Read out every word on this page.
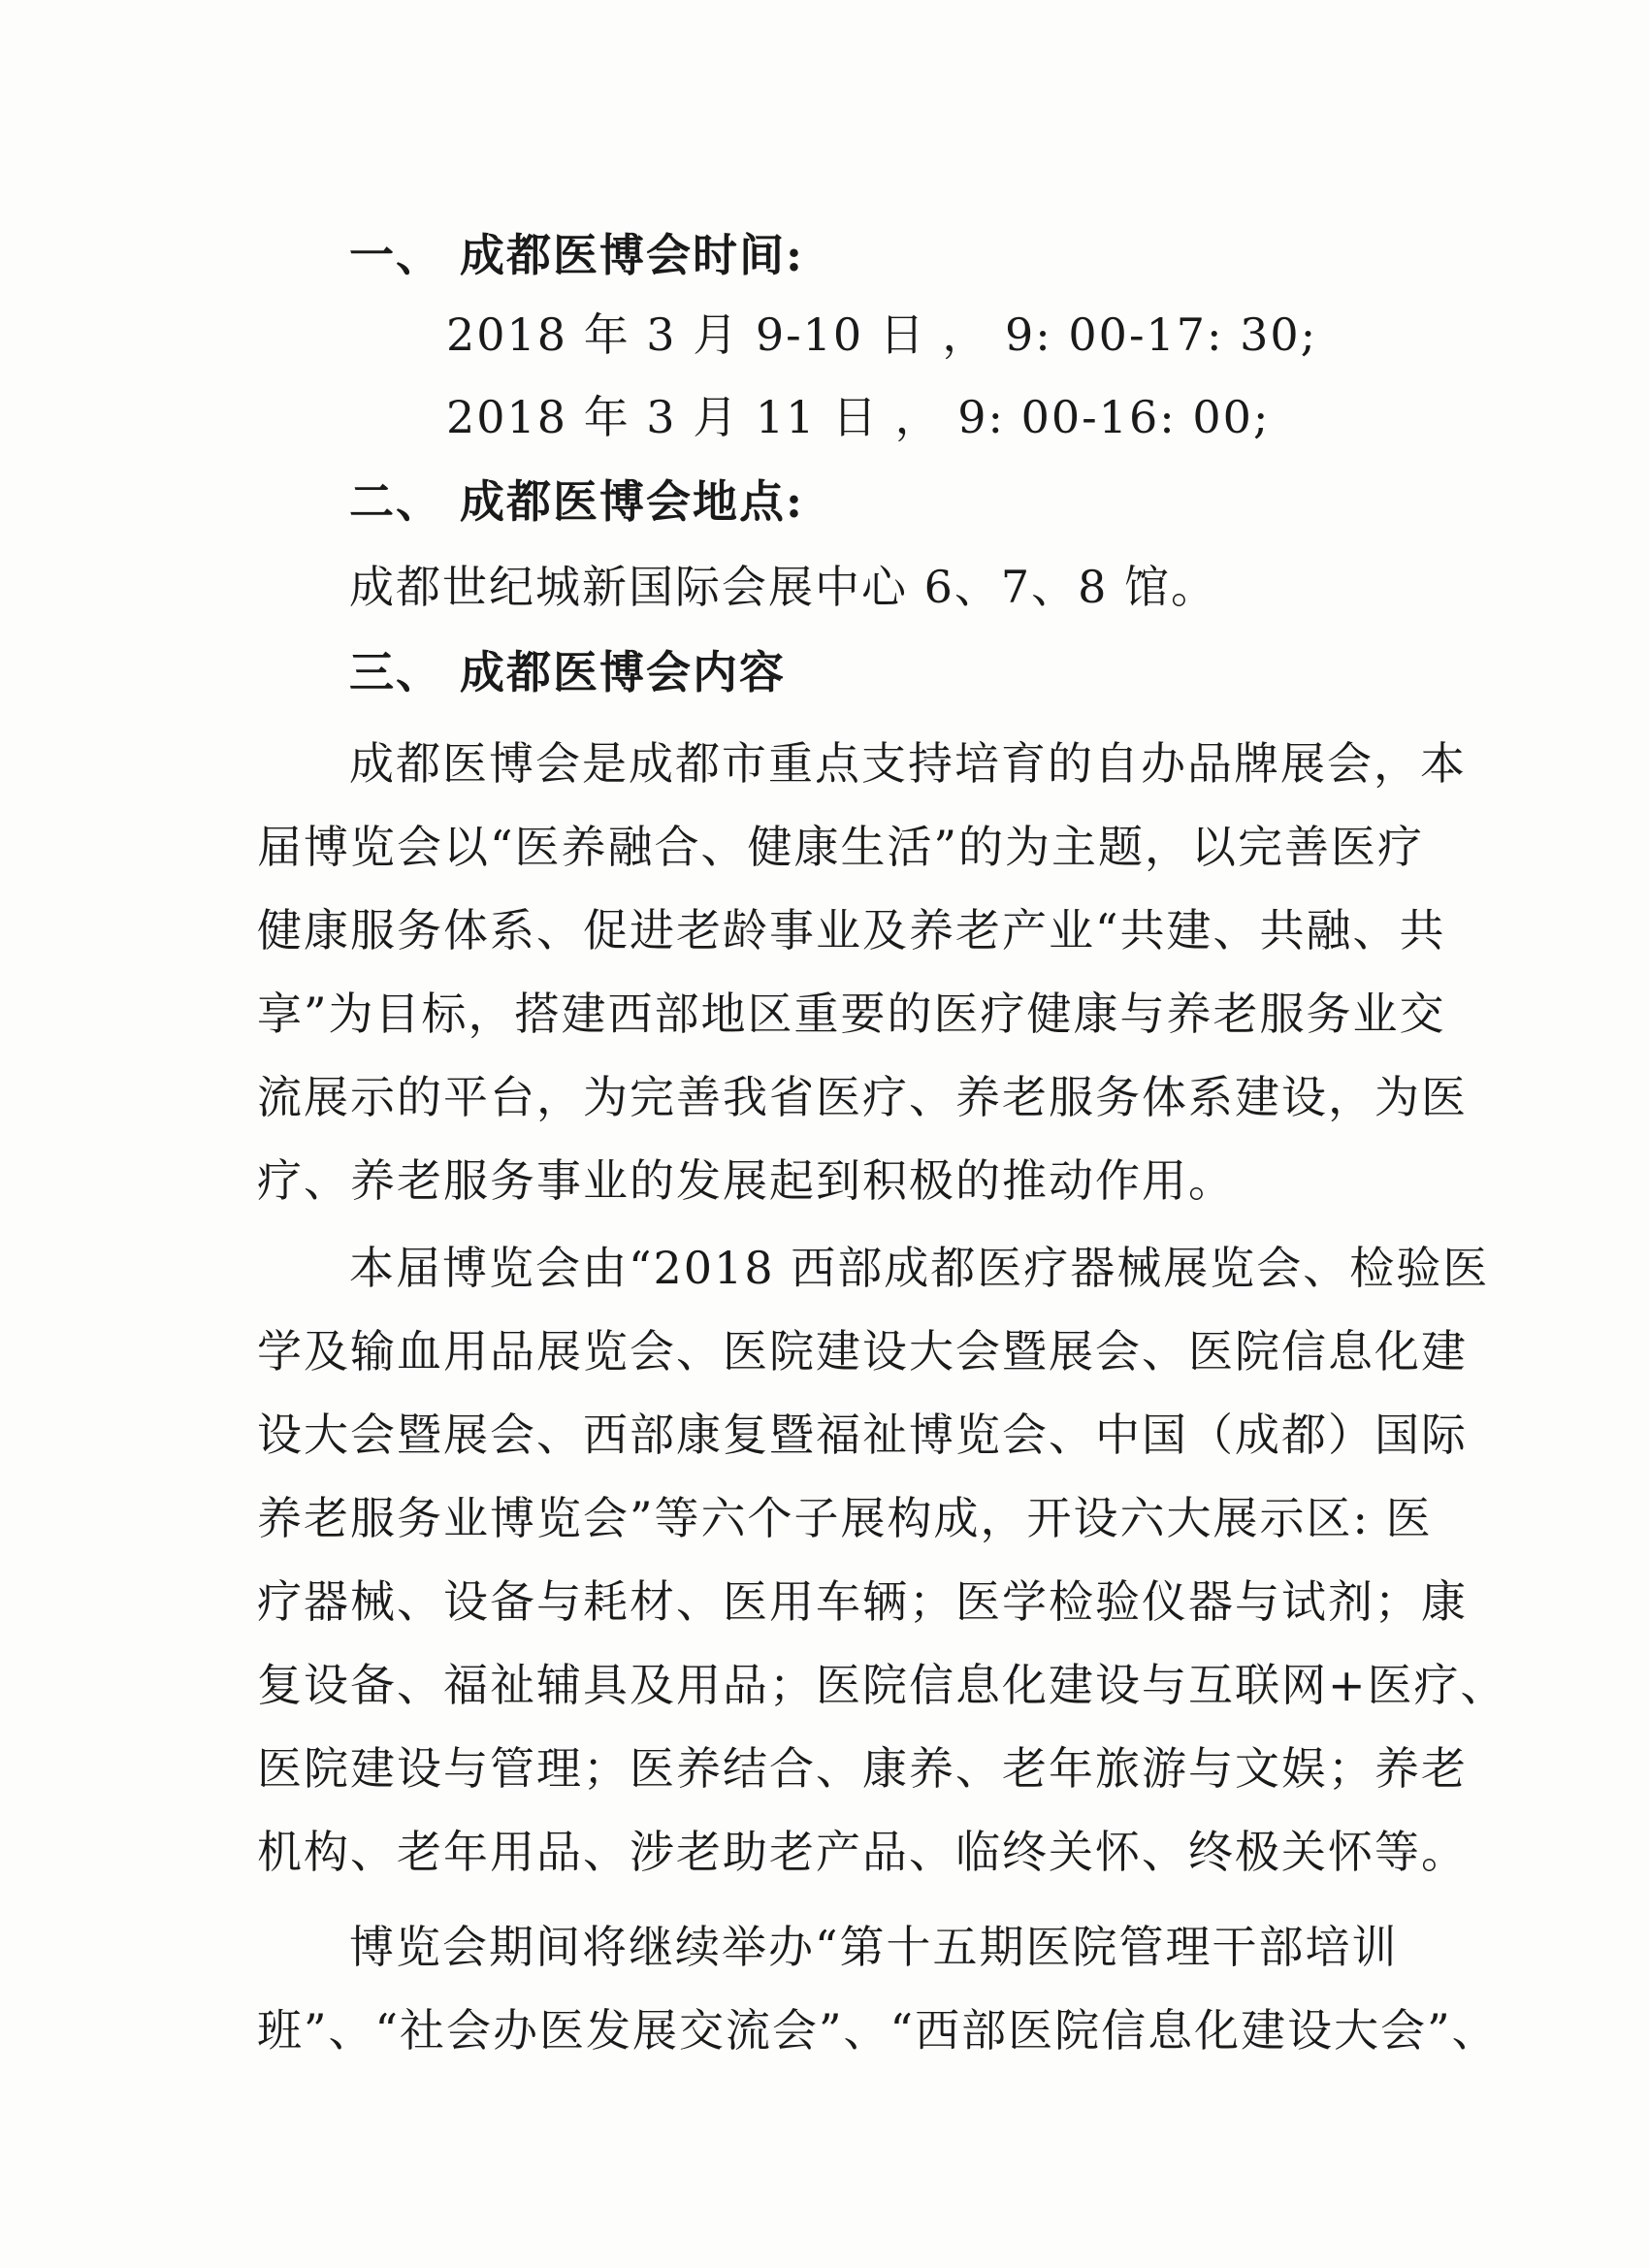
一、 成都医博会时间:
2018 年 3 月 9-10 日 ， 9: 00-17: 30;
2018 年 3 月 11 日 ， 9: 00-16: 00;
二、 成都医博会地点:
成都世纪城新国际会展中心 6、7、8 馆。
三、 成都医博会内容
成都医博会是成都市重点支持培育的自办品牌展会，本
届博览会以“医养融合、健康生活”的为主题，以完善医疗
健康服务体系、促进老龄事业及养老产业“共建、共融、共
享”为目标，搭建西部地区重要的医疗健康与养老服务业交
流展示的平台，为完善我省医疗、养老服务体系建设，为医
疗、养老服务事业的发展起到积极的推动作用。
本届博览会由“2018 西部成都医疗器械展览会、检验医
学及输血用品展览会、医院建设大会暨展会、医院信息化建
设大会暨展会、西部康复暨福祉博览会、中国（成都）国际
养老服务业博览会”等六个子展构成，开设六大展示区: 医
疗器械、设备与耗材、医用车辆；医学检验仪器与试剂；康
复设备、福祉辅具及用品；医院信息化建设与互联网+医疗、
医院建设与管理；医养结合、康养、老年旅游与文娱；养老
机构、老年用品、涉老助老产品、临终关怀、终极关怀等。
博览会期间将继续举办“第十五期医院管理干部培训
班”、“社会办医发展交流会”、“西部医院信息化建设大会”、
